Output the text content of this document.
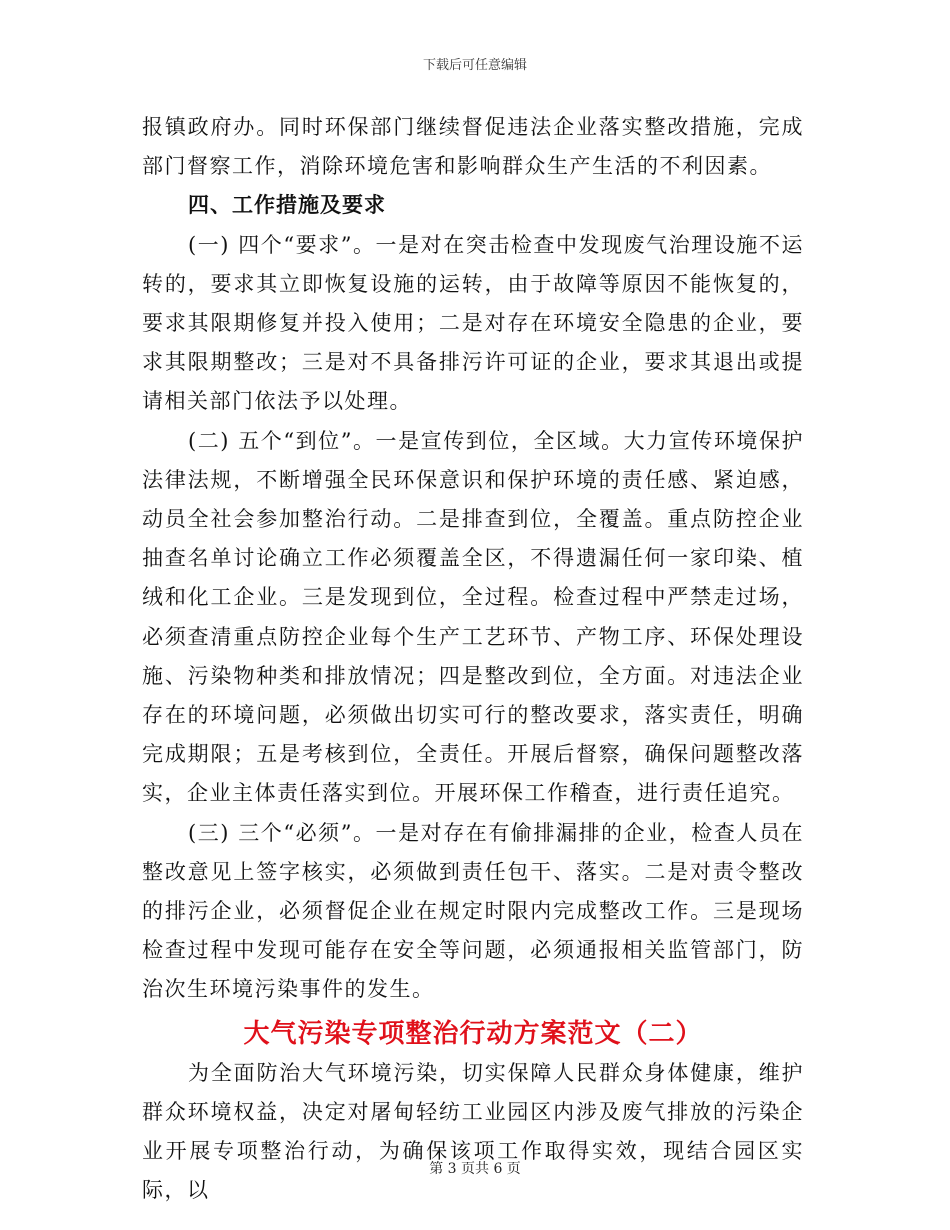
下载后可任意编辑

报镇政府办。同时环保部门继续督促违法企业落实整改措施，完成部门督察工作，消除环境危害和影响群众生产生活的不利因素。

四、工作措施及要求

(一) 四个“要求”。一是对在突击检查中发现废气治理设施不运转的，要求其立即恢复设施的运转，由于故障等原因不能恢复的，要求其限期修复并投入使用；二是对存在环境安全隐患的企业，要求其限期整改；三是对不具备排污许可证的企业，要求其退出或提请相关部门依法予以处理。

(二) 五个“到位”。一是宣传到位，全区域。大力宣传环境保护法律法规，不断增强全民环保意识和保护环境的责任感、紧迫感，动员全社会参加整治行动。二是排查到位，全覆盖。重点防控企业抽查名单讨论确立工作必须覆盖全区，不得遗漏任何一家印染、植绒和化工企业。三是发现到位，全过程。检查过程中严禁走过场，必须查清重点防控企业每个生产工艺环节、产物工序、环保处理设施、污染物种类和排放情况；四是整改到位，全方面。对违法企业存在的环境问题，必须做出切实可行的整改要求，落实责任，明确完成期限；五是考核到位，全责任。开展后督察，确保问题整改落实，企业主体责任落实到位。开展环保工作稽查，进行责任追究。

(三) 三个“必须”。一是对存在有偷排漏排的企业，检查人员在整改意见上签字核实，必须做到责任包干、落实。二是对责令整改的排污企业，必须督促企业在规定时限内完成整改工作。三是现场检查过程中发现可能存在安全等问题，必须通报相关监管部门，防治次生环境污染事件的发生。

大气污染专项整治行动方案范文（二）

为全面防治大气环境污染，切实保障人民群众身体健康，维护群众环境权益，决定对屠甸轻纺工业园区内涉及废气排放的污染企业开展专项整治行动，为确保该项工作取得实效，现结合园区实际，以

第 3 页共 6 页
